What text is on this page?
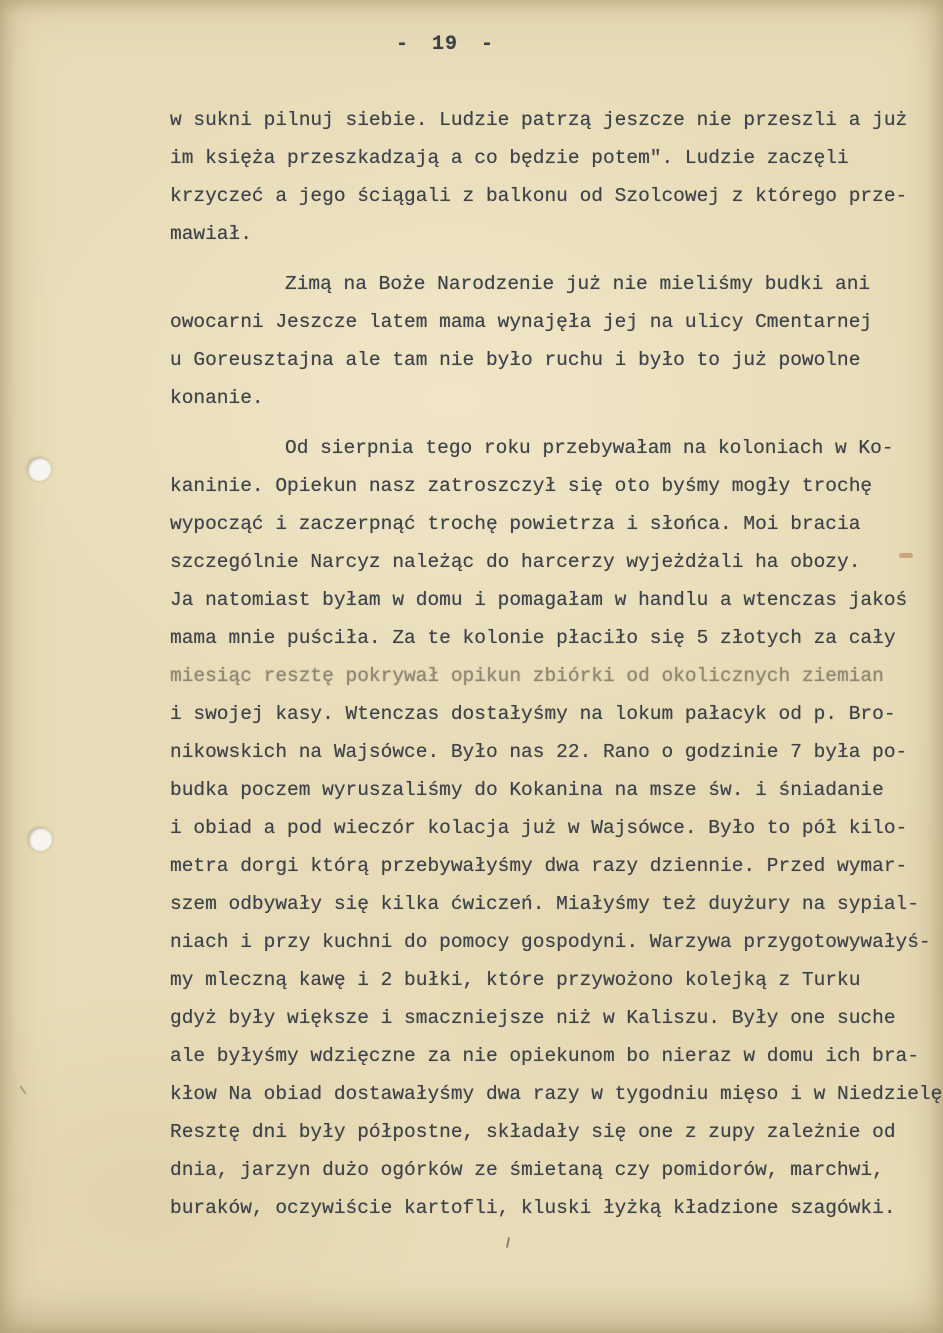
- 19 -
w sukni pilnuj siebie. Ludzie patrzą jeszcze nie przeszli a już
im księża przeszkadzają a co będzie potem". Ludzie zaczęli
krzyczeć a jego ściągali z balkonu od Szolcowej z którego prze-
mawiał.
Zimą na Boże Narodzenie już nie mieliśmy budki ani
owocarni Jeszcze latem mama wynajęła jej na ulicy Cmentarnej
u Goreusztajna ale tam nie było ruchu i było to już powolne
konanie.
Od sierpnia tego roku przebywałam na koloniach w Ko-
kaninie. Opiekun nasz zatroszczył się oto byśmy mogły trochę
wypocząć i zaczerpnąć trochę powietrza i słońca. Moi bracia
szczególnie Narcyz należąc do harcerzy wyjeżdżali ha obozy.
Ja natomiast byłam w domu i pomagałam w handlu a wtenczas jakoś
mama mnie puściła. Za te kolonie płaciło się 5 złotych za cały
miesiąc resztę pokrywał opikun zbiórki od okolicznych ziemian
i swojej kasy. Wtenczas dostałyśmy na lokum pałacyk od p. Bro-
nikowskich na Wajsówce. Było nas 22. Rano o godzinie 7 była po-
budka poczem wyruszaliśmy do Kokanina na msze św. i śniadanie
i obiad a pod wieczór kolacja już w Wajsówce. Było to pół kilo-
metra dorgi którą przebywałyśmy dwa razy dziennie. Przed wymar-
szem odbywały się kilka ćwiczeń. Miałyśmy też duyżury na sypial-
niach i przy kuchni do pomocy gospodyni. Warzywa przygotowywałyś-
my mleczną kawę i 2 bułki, które przywożono kolejką z Turku
gdyż były większe i smaczniejsze niż w Kaliszu. Były one suche
ale byłyśmy wdzięczne za nie opiekunom bo nieraz w domu ich bra-
kłow Na obiad dostawałyśmy dwa razy w tygodniu mięso i w Niedzielę
Resztę dni były półpostne, składały się one z zupy zależnie od
dnia, jarzyn dużo ogórków ze śmietaną czy pomidorów, marchwi,
buraków, oczywiście kartofli, kluski łyżką kładzione szagówki.
